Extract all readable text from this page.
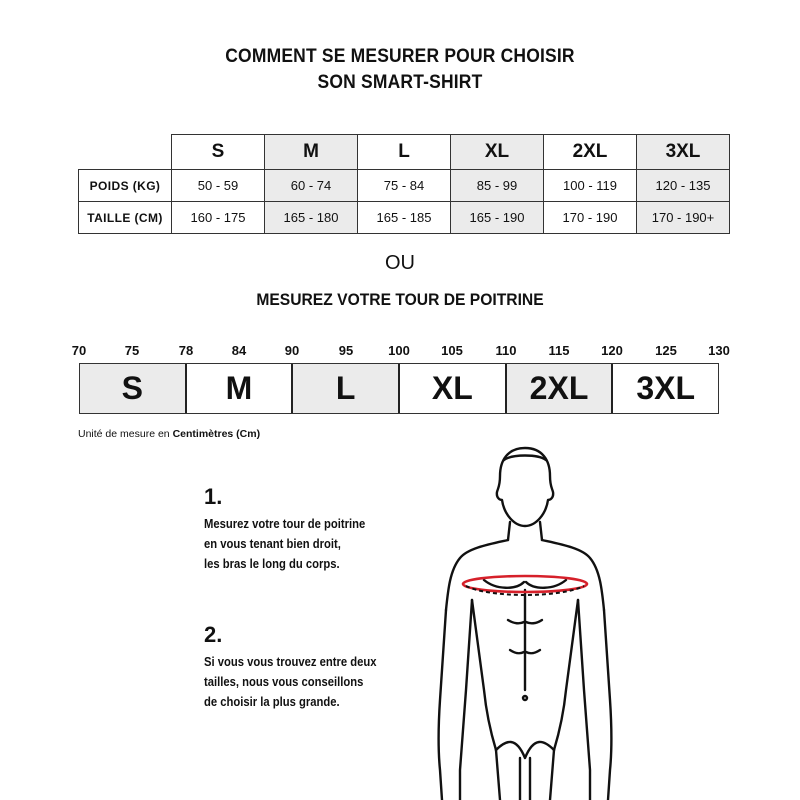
COMMENT SE MESURER POUR CHOISIR
SON SMART-SHIRT
	S	M	L	XL	2XL	3XL
POIDS (KG)	50 - 59	60 - 74	75 - 84	85 - 99	100 - 119	120 - 135
TAILLE (CM)	160 - 175	165 - 180	165 - 185	165 - 190	170 - 190	170 - 190+
OU
MESUREZ VOTRE TOUR DE POITRINE
70	75	78	84	90	95	100	105	110	115	120	125	130
S	M	L	XL	2XL	3XL
Unité de mesure en Centimètres (Cm)
1.
Mesurez votre tour de poitrine
en vous tenant bien droit,
les bras le long du corps.
2.
Si vous vous trouvez entre deux
tailles, nous vous conseillons
de choisir la plus grande.
